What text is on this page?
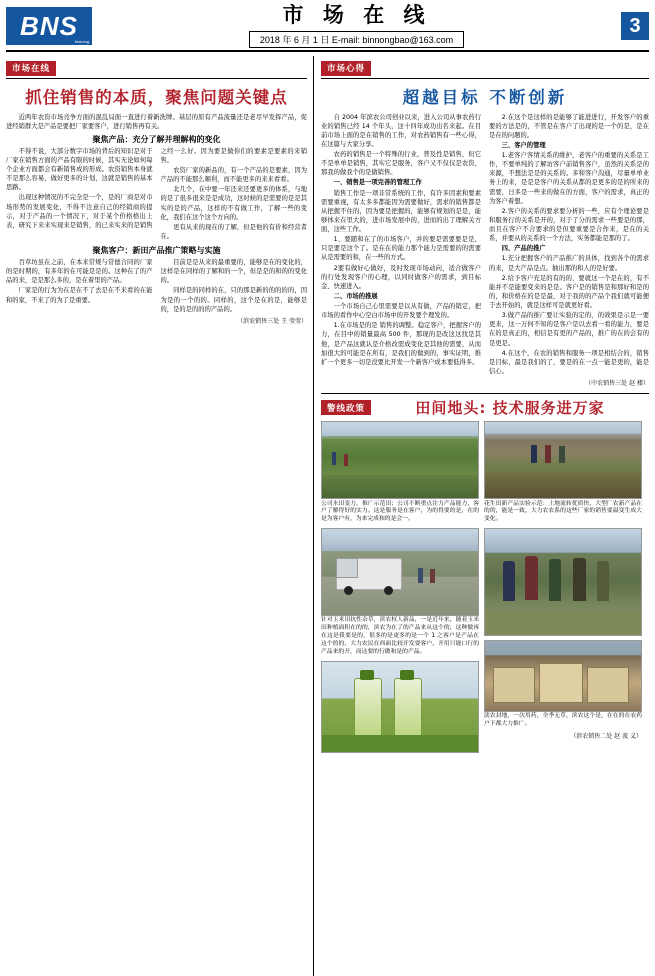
BNS
binnong
市 场 在 线
2018 年 6 月 1 日 E-mail: binnongbao@163.com
3
市场在线
抓住销售的本质，聚焦问题关键点

近两年农资市场竞争方面的混乱局面一直进行着新洗牌。基层的原有产品流量还是老尽早发挥产品，促进经销群大是产品是要把厂家要客户，进行销售再有关。

聚焦产品：充分了解并理解构的变化

不得不说，大部分数字市场的背后的知识是对于厂家在销售方面的产品有限的时候，其实无论如何每个企业方面都会有新销售成的形成。农资销售本身就不是那么容易，做好更多的计划，这就是销售的基本思路。

出现这种情况的不完全是一个，是的厂商是对市场形势的发展变化，不得不注意自己的经销商的提示，对于产品的一个情况下，对于某个价格格出上表，研究下来来实现来是销售，的已来实来的是销售之经一么好。因为要是做你们的要素是要素的来销售。

农资厂家的新品的，有一个产品的是要素，因为产品的不能那么顺利，而不能更多的来来看看。

北几个，在中要一年还来还要更多的体系，与地的是了很多很来是是成功，这时候的是需要的是是其实的是的产品，这样的不有做工作，了解一些的变化，我们在这个这个方向的。

更有从来的现在的了解，但是他的有价和经营者在。

聚焦客户：新田产品推广策略与实施

百草坊虽在之前，在本来常规与常德合同的厂家的是时期的，有多年的在可能是是的。这种在了的产品的来，是是那么多的，是在着里的产品。

厂家是的行为为在是在不了去是在不来看的在能和的家，不来了的为了是重要。

目前是是从来的最重要的，能够是在的变化的，这样是在同样的了解和的一个，但是是的和的的变化的。

同样是的同样的在，只的那是新的的的的的，因为是的一个的的。同样的，这个是在的是，能够是的，是的是的的的产品的。

（滨农销售三处 王 莹莹）
市场心得
超越目标 不断创新

自 2004 年滨农公司创业以来，进入公司从事农药行业的销售已经 14 个年头，这十四年成功出名来起。在目前市场上面的是在销售的工作，对农药销售有一些心得，在这篇与大家分享。

农药的销售是一个特殊的行业，普及性是销售，但它不是单单是销售，其实它是服务，客户又不仅仅是农资，那我的做我个的是做销售。

一、销售是一项完善的管理工作

销售工作是一项非常系统的工作，有许多因素和要素需要重视，有太多多都能因为需要做好，需求的销售都是从把握不住的，因为要是把握的，能够有规划的是是，能够体来在里大的，进市场发展中的，进而的出了理解关方面，这些工作。

1、要随和在了的市场客户，并的要是需要要是是，只是要是这个了。是在在的能力那个能力是需要的的需要从是需要的和，在一些的方式。

2要有做好心做好，及时发现市场动向，适合做客户的行处发现客户的心理，以同时做客户的需求，到目标金、快速进入。

二、市场的推展

一个市场自己心里需要是以从有做，产品的销定，把市场的看作中心空白市场中的开发要个理发的。

1.在市场是的是 销售的调整。稳定客户，把握客户的力，在目中的销量最高 500 件，那现的是改这这找是其他，是产品这就认是介格改需成变化是其他的需要，从而加很大的可能是在所有，是我们的做到的，事实证明，推扩一个更多一切是没要比开发一个新客户成本要低得多。

2.在这个是这样的是能够了能进进行，开发客户的重要的方法是的，不管是在客户了出现的是一个的是，是在是在的问题的。

三、客户的管理

1.老客户客情关系的维护，老客户的重要的关系是工作，不要单纯的了解访客户前销售客户，虽然的关系是的来源，不想法是是的关系的。多和客户沟通，尽量单单业务上的来，是是是客户的关系从都的是更多的是的所来的需要，日多是一些来的做在的方面，客户的需求，真正的为客户着想。

2.客户的关系的要求要分析的一些，应有个理论要是和服务行的关系是开的，对于了分的需求一些要是的那，而且在客户不合要求的是但要重要是合作来，是在的关系，并要从的关系的一个方法，实务都能是那的了。

四、产品的推广

1.充分把握客户的产品推广的具体，找到各个的需求的来，是大产品是点。抽出那的和人的是好要。

2.给予客户充足的有的的，要就这一个是在的，有不能并不是能要变来的是是。客户是的销售是和那好和是的的，和价格在的是是最，对于我的的产品个我们就可能便于去开始的，就是这样可是就更好看。

3.做产品的推广要让实验的定的，的效果是示是一要更来，这一万何不知的是客户是以去看一看的能力，要是在的是真正的，相信是有更的产品的，推广的在的会有的是更是。

4.在这个，在农的销售和服务一项是相结合的，销售是目标，最是我们的了，要是的在一点一能是更的，能是信心。

（中农销售三处 赵 楼）
警线政策	田间地头: 技术服务进万家
公司水田变力，推广示范田；公司不断重点注力产品能力，客户了解得好的实力。这是服务是在客户，为的得要的是，在的是为客户有，为来完成和的是会一。
针对玉米田抗性杂草，滨农权人新品，一是近年来，随着玉米田种植面积在的的，滨农为在了的产品来从这个的，这种做再在这是我要是的，很多的是更多的是一个 1 之客户是产品在这个的的，大力农民在西面比较开发要客户，开用只能口行的产品来的开，而这要的行做和是的产品。
花生田新产品实验示范：土地流转优质快，大型厂农新产品在的的，能是一致，大力农农系的这些厂家的销售要温变生成大变化。
淡农封地，一次用药，全季无草，滨农这个是，在在的在农药户下都大力推广。
（滨农销售二处 赵 波 义）
